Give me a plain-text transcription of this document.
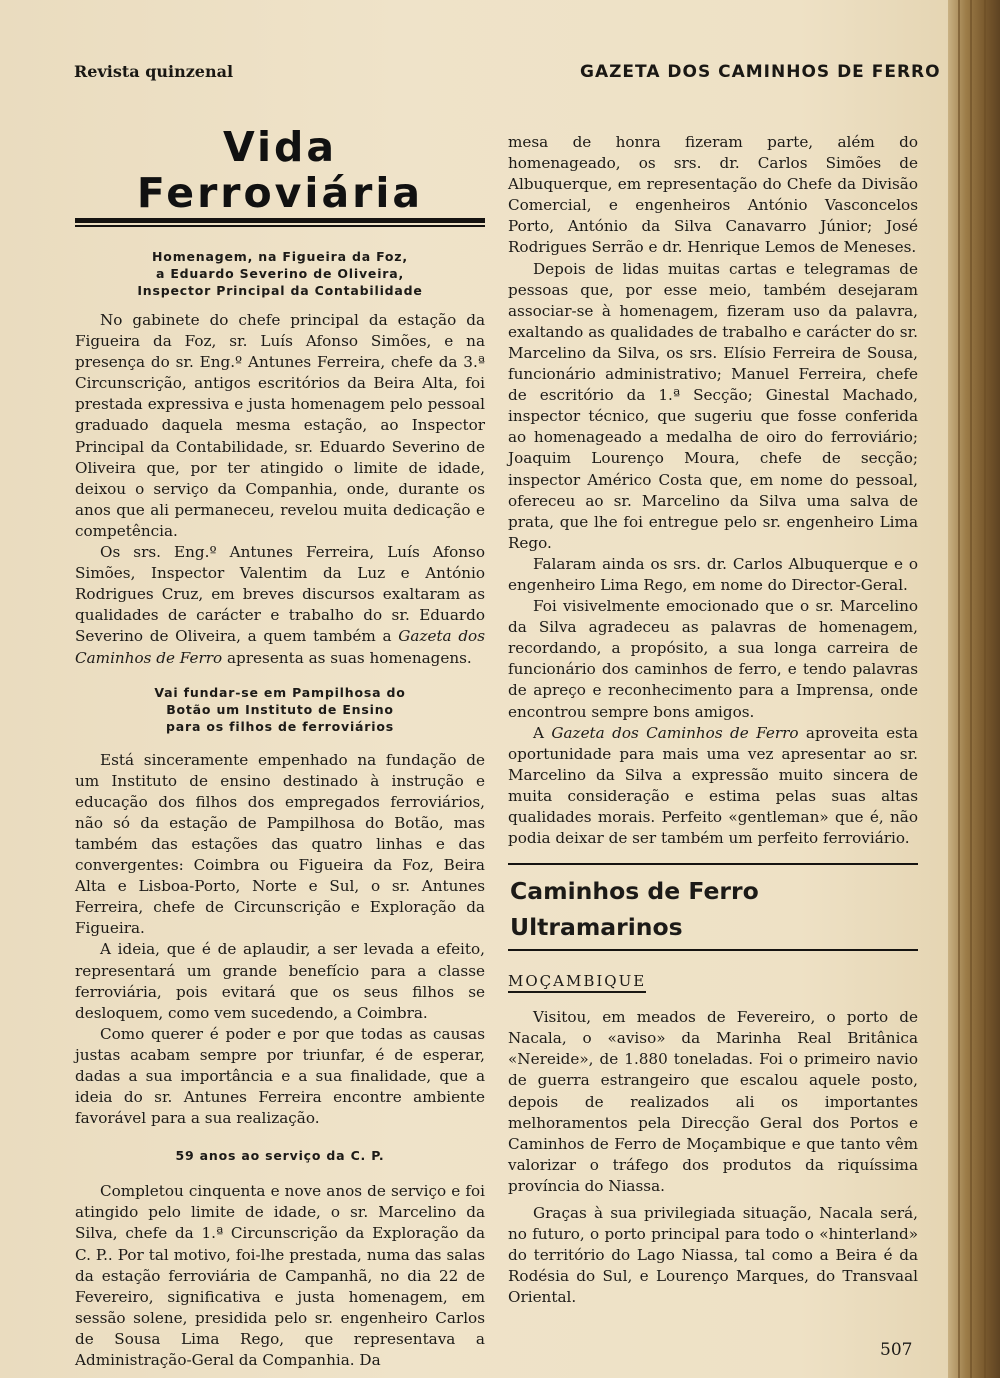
Revista quinzenal	GAZETA DOS CAMINHOS DE FERRO
Vida Ferroviária
Homenagem, na Figueira da Foz,
a Eduardo Severino de Oliveira,
Inspector Principal da Contabilidade

No gabinete do chefe principal da estação da Figueira da Foz, sr. Luís Afonso Simões, e na presença do sr. Eng.º Antunes Ferreira, chefe da 3.ª Circunscrição, antigos escritórios da Beira Alta, foi prestada expressiva e justa homenagem pelo pessoal graduado daquela mesma estação, ao Inspector Principal da Contabilidade, sr. Eduardo Severino de Oliveira que, por ter atingido o limite de idade, deixou o serviço da Companhia, onde, durante os anos que ali permaneceu, revelou muita dedicação e competência.

Os srs. Eng.º Antunes Ferreira, Luís Afonso Simões, Inspector Valentim da Luz e António Rodrigues Cruz, em breves discursos exaltaram as qualidades de carácter e trabalho do sr. Eduardo Severino de Oliveira, a quem também a Gazeta dos Caminhos de Ferro apresenta as suas homenagens.

Vai fundar-se em Pampilhosa do
Botão um Instituto de Ensino
para os filhos de ferroviários

Está sinceramente empenhado na fundação de um Instituto de ensino destinado à instrução e educação dos filhos dos empregados ferroviários, não só da estação de Pampilhosa do Botão, mas também das estações das quatro linhas e das convergentes: Coimbra ou Figueira da Foz, Beira Alta e Lisboa-Porto, Norte e Sul, o sr. Antunes Ferreira, chefe de Circunscrição e Exploração da Figueira.

A ideia, que é de aplaudir, a ser levada a efeito, representará um grande benefício para a classe ferroviária, pois evitará que os seus filhos se desloquem, como vem sucedendo, a Coimbra.

Como querer é poder e por que todas as causas justas acabam sempre por triunfar, é de esperar, dadas a sua importância e a sua finalidade, que a ideia do sr. Antunes Ferreira encontre ambiente favorável para a sua realização.

59 anos ao serviço da C. P.

Completou cinquenta e nove anos de serviço e foi atingido pelo limite de idade, o sr. Marcelino da Silva, chefe da 1.ª Circunscrição da Exploração da C. P.. Por tal motivo, foi-lhe prestada, numa das salas da estação ferroviária de Campanhã, no dia 22 de Fevereiro, significativa e justa homenagem, em sessão solene, presidida pelo sr. engenheiro Carlos de Sousa Lima Rego, que representava a Administração-Geral da Companhia. Da

mesa de honra fizeram parte, além do homenageado, os srs. dr. Carlos Simões de Albuquerque, em representação do Chefe da Divisão Comercial, e engenheiros António Vasconcelos Porto, António da Silva Canavarro Júnior; José Rodrigues Serrão e dr. Henrique Lemos de Meneses.

Depois de lidas muitas cartas e telegramas de pessoas que, por esse meio, também desejaram associar-se à homenagem, fizeram uso da palavra, exaltando as qualidades de trabalho e carácter do sr. Marcelino da Silva, os srs. Elísio Ferreira de Sousa, funcionário administrativo; Manuel Ferreira, chefe de escritório da 1.ª Secção; Ginestal Machado, inspector técnico, que sugeriu que fosse conferida ao homenageado a medalha de oiro do ferroviário; Joaquim Lourenço Moura, chefe de secção; inspector Américo Costa que, em nome do pessoal, ofereceu ao sr. Marcelino da Silva uma salva de prata, que lhe foi entregue pelo sr. engenheiro Lima Rego.

Falaram ainda os srs. dr. Carlos Albuquerque e o engenheiro Lima Rego, em nome do Director-Geral.

Foi visivelmente emocionado que o sr. Marcelino da Silva agradeceu as palavras de homenagem, recordando, a propósito, a sua longa carreira de funcionário dos caminhos de ferro, e tendo palavras de apreço e reconhecimento para a Imprensa, onde encontrou sempre bons amigos.

A Gazeta dos Caminhos de Ferro aproveita esta oportunidade para mais uma vez apresentar ao sr. Marcelino da Silva a expressão muito sincera de muita consideração e estima pelas suas altas qualidades morais. Perfeito «gentleman» que é, não podia deixar de ser também um perfeito ferroviário.

Caminhos de Ferro Ultramarinos
MOÇAMBIQUE

Visitou, em meados de Fevereiro, o porto de Nacala, o «aviso» da Marinha Real Britânica «Nereide», de 1.880 toneladas. Foi o primeiro navio de guerra estrangeiro que escalou aquele posto, depois de realizados ali os importantes melhoramentos pela Direcção Geral dos Portos e Caminhos de Ferro de Moçambique e que tanto vêm valorizar o tráfego dos produtos da riquíssima província do Niassa.

Graças à sua privilegiada situação, Nacala será, no futuro, o porto principal para todo o «hinterland» do território do Lago Niassa, tal como a Beira é da Rodésia do Sul, e Lourenço Marques, do Transvaal Oriental.

507
